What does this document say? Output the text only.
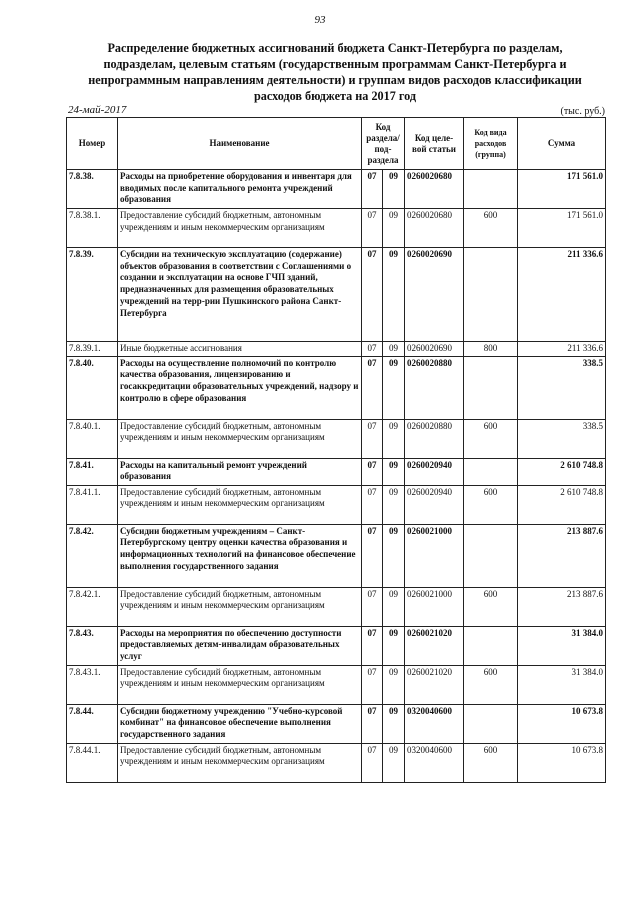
93
Распределение бюджетных ассигнований бюджета Санкт-Петербурга по разделам, подразделам, целевым статьям (государственным программам Санкт-Петербурга и непрограммным направлениям деятельности) и группам видов расходов классификации расходов бюджета на 2017 год
24-май-2017	(тыс. руб.)
Номер	Наименование	Код раздела/ под- раздела		Код целе- вой статьи	Код вида расходов (группа)	Сумма
7.8.38.	Расходы на приобретение оборудования и инвентаря для вводимых после капитального ремонта учреждений образования	07	09	0260020680		171 561.0
7.8.38.1.	Предоставление субсидий бюджетным, автономным учреждениям и иным некоммерческим организациям	07	09	0260020680	600	171 561.0
7.8.39.	Субсидии на техническую эксплуатацию (содержание) объектов образования в соответствии с Соглашениями о создании и эксплуатации на основе ГЧП зданий, предназначенных для размещения образовательных учреждений на терр-рии Пушкинского района Санкт-Петербурга	07	09	0260020690		211 336.6
7.8.39.1.	Иные бюджетные ассигнования	07	09	0260020690	800	211 336.6
7.8.40.	Расходы на осуществление полномочий по контролю качества образования, лицензированию и госаккредитации образовательных учреждений, надзору и контролю в сфере образования	07	09	0260020880		338.5
7.8.40.1.	Предоставление субсидий бюджетным, автономным учреждениям и иным некоммерческим организациям	07	09	0260020880	600	338.5
7.8.41.	Расходы на капитальный ремонт учреждений образования	07	09	0260020940		2 610 748.8
7.8.41.1.	Предоставление субсидий бюджетным, автономным учреждениям и иным некоммерческим организациям	07	09	0260020940	600	2 610 748.8
7.8.42.	Субсидии бюджетным учреждениям – Санкт-Петербургскому центру оценки качества образования и информационных технологий на финансовое обеспечение выполнения государственного задания	07	09	0260021000		213 887.6
7.8.42.1.	Предоставление субсидий бюджетным, автономным учреждениям и иным некоммерческим организациям	07	09	0260021000	600	213 887.6
7.8.43.	Расходы на мероприятия по обеспечению доступности предоставляемых детям-инвалидам образовательных услуг	07	09	0260021020		31 384.0
7.8.43.1.	Предоставление субсидий бюджетным, автономным учреждениям и иным некоммерческим организациям	07	09	0260021020	600	31 384.0
7.8.44.	Субсидии бюджетному учреждению "Учебно-курсовой комбинат" на финансовое обеспечение выполнения государственного задания	07	09	0320040600		10 673.8
7.8.44.1.	Предоставление субсидий бюджетным, автономным учреждениям и иным некоммерческим организациям	07	09	0320040600	600	10 673.8
